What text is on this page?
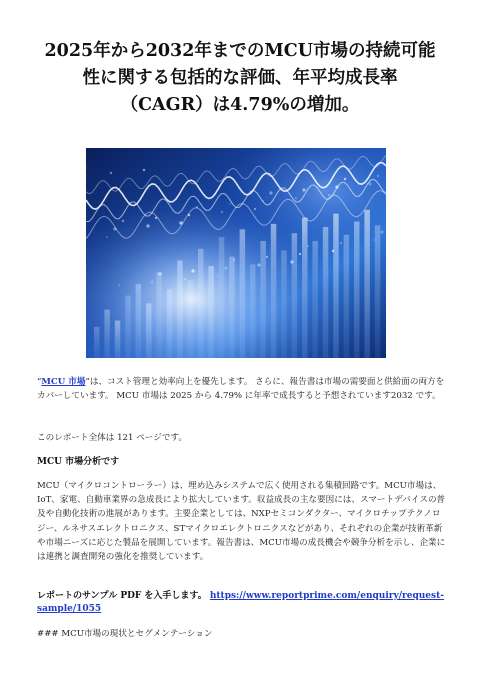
2025年から2032年までのMCU市場の持続可能
性に関する包括的な評価、年平均成長率
（CAGR）は4.79%の増加。

“MCU 市場”は、コスト管理と効率向上を優先します。 さらに、報告書は市場の需要面と供給面の両方をカバーしています。 MCU 市場は 2025 から 4.79% に年率で成長すると予想されています2032 です。

このレポート全体は 121 ページです。

MCU 市場分析です

MCU（マイクロコントローラー）は、埋め込みシステムで広く使用される集積回路です。MCU市場は、IoT、家電、自動車業界の急成長により拡大しています。収益成長の主な要因には、スマートデバイスの普及や自動化技術の進展があります。主要企業としては、NXPセミコンダクター、マイクロチップテクノロジー、ルネサスエレクトロニクス、STマイクロエレクトロニクスなどがあり、それぞれの企業が技術革新や市場ニーズに応じた製品を展開しています。報告書は、MCU市場の成長機会や競争分析を示し、企業には連携と調査開発の強化を推奨しています。

レポートのサンプル PDF を入手します。 https://www.reportprime.com/enquiry/request-sample/1055

### MCU市場の現状とセグメンテーション
